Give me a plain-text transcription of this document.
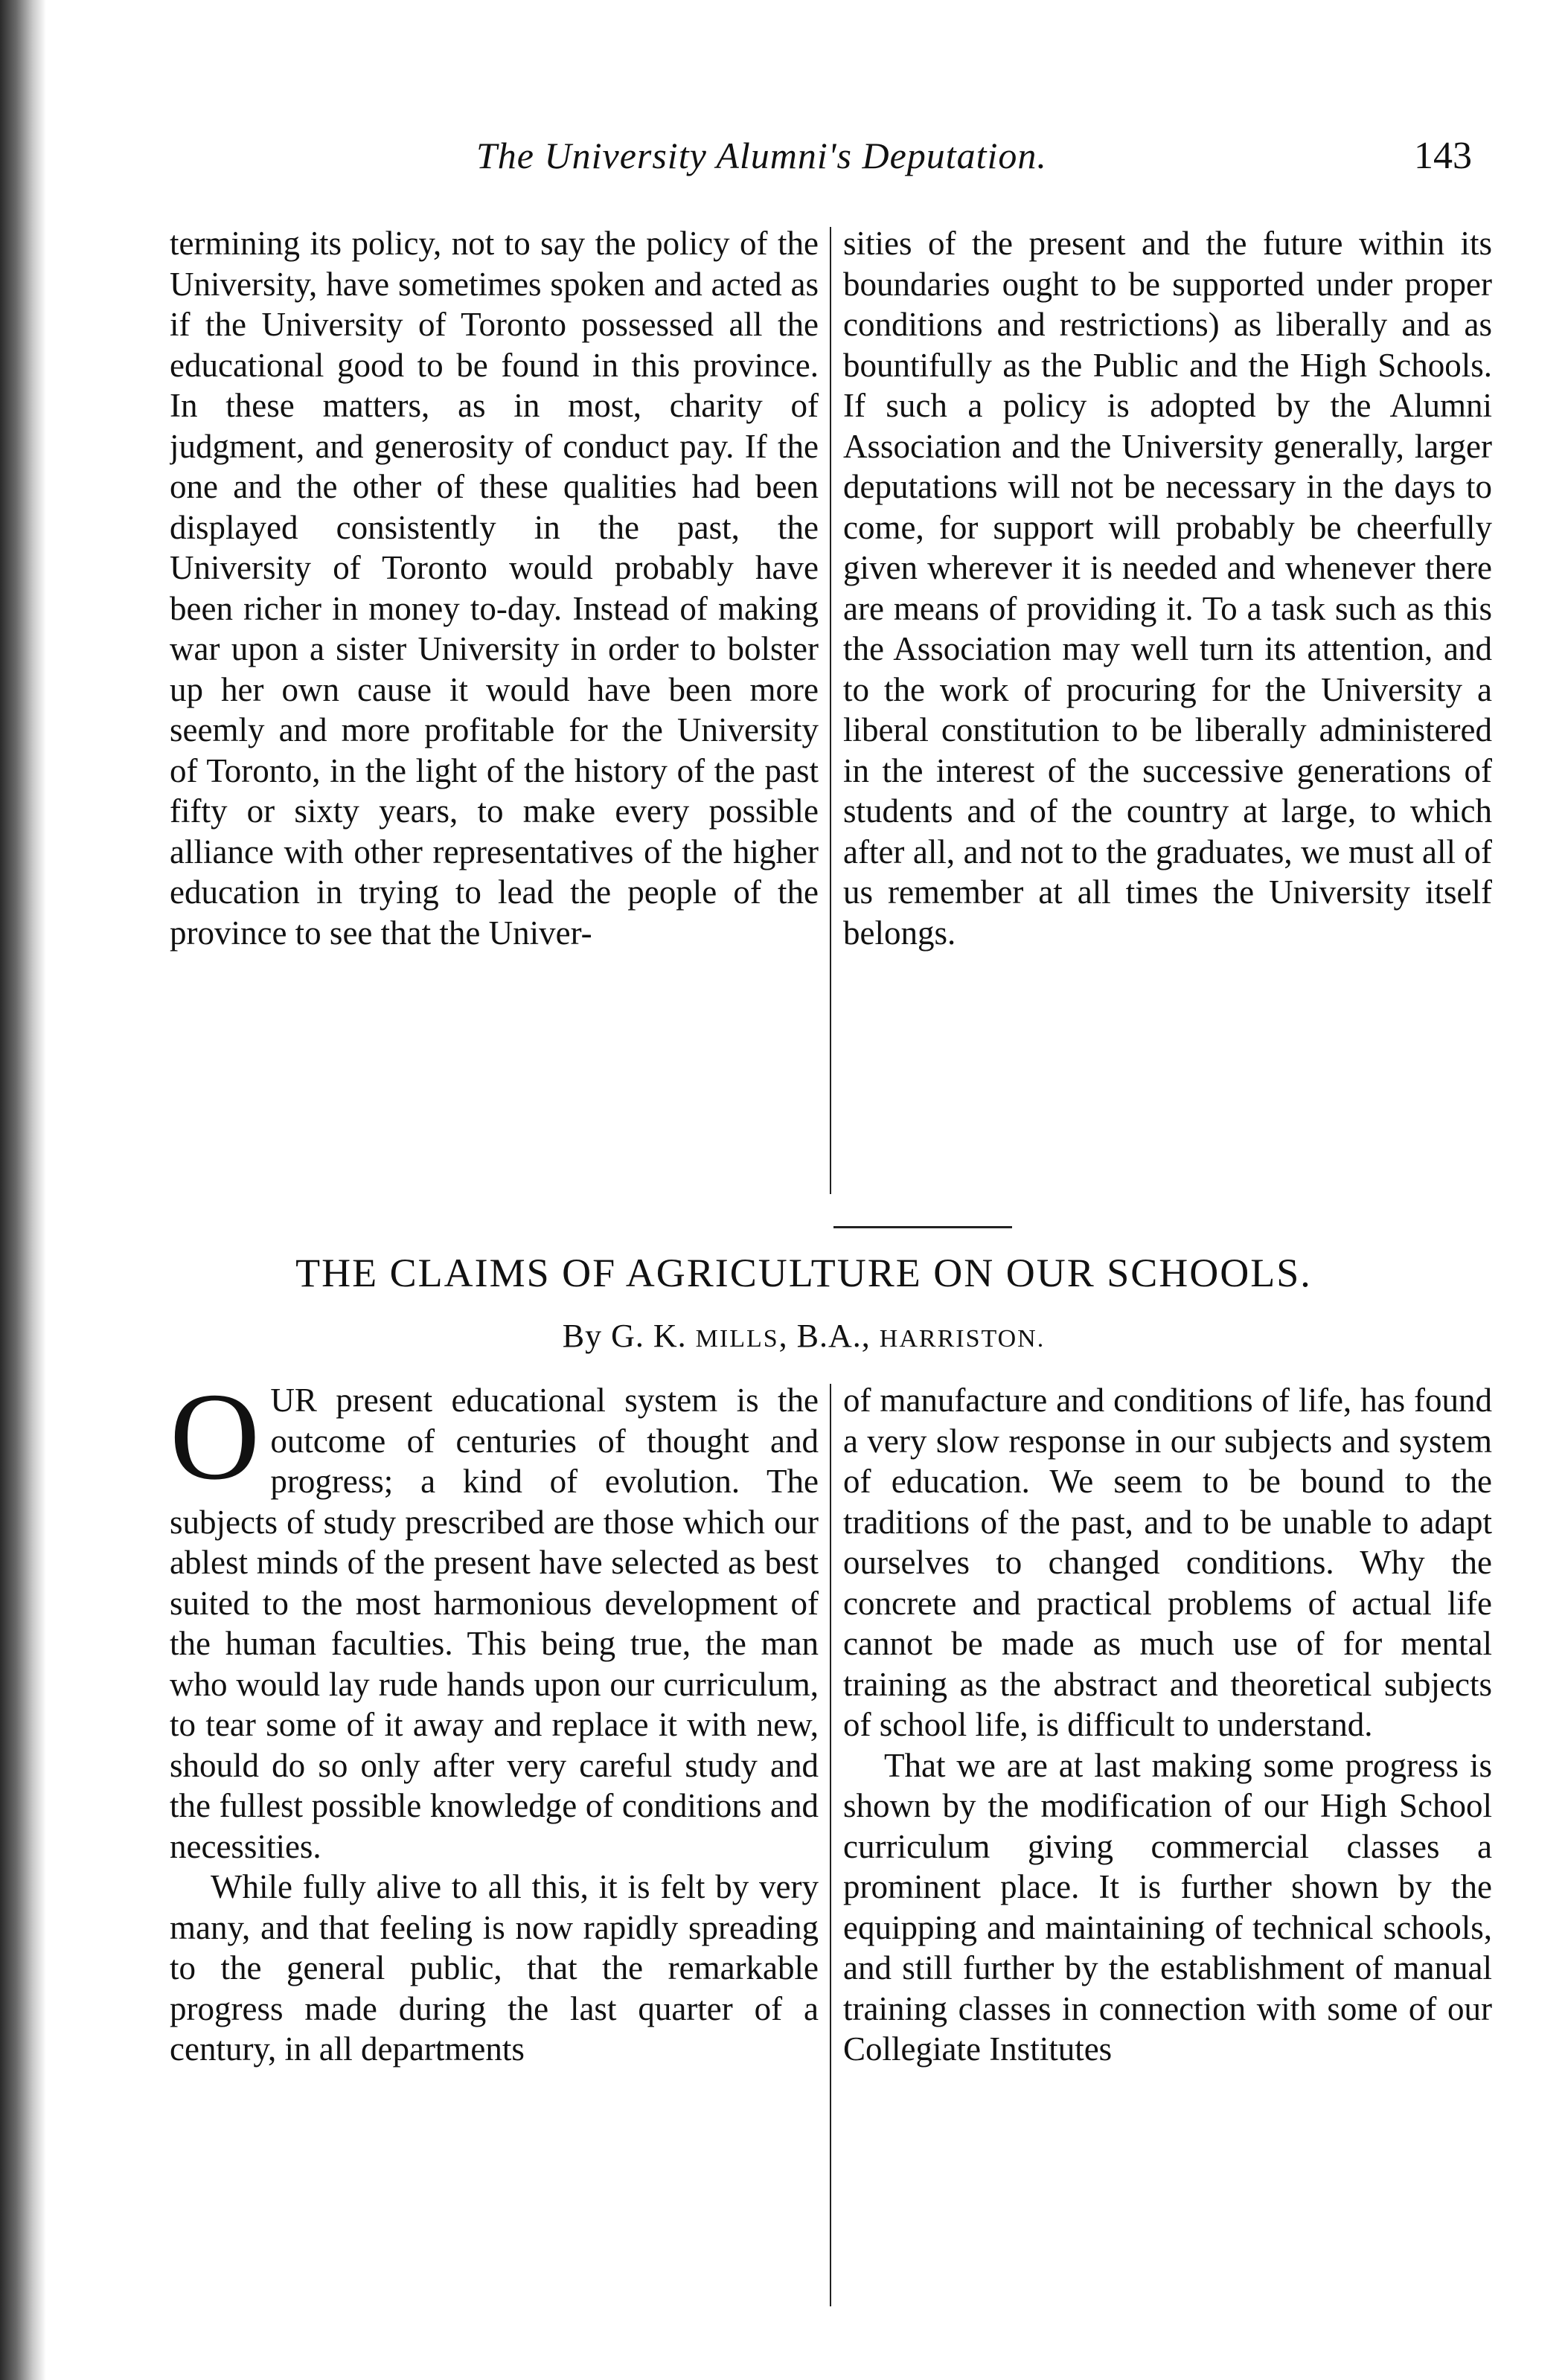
The University Alumni's Deputation.	143

termining its policy, not to say the policy of the University, have sometimes spoken and acted as if the University of Toronto possessed all the educational good to be found in this province. In these matters, as in most, charity of judgment, and generosity of conduct pay. If the one and the other of these qualities had been displayed consistently in the past, the University of Toronto would probably have been richer in money to-day. Instead of making war upon a sister University in order to bolster up her own cause it would have been more seemly and more profitable for the University of Toronto, in the light of the history of the past fifty or sixty years, to make every possible alliance with other representatives of the higher education in trying to lead the people of the province to see that the Univer-

sities of the present and the future within its boundaries ought to be supported under proper conditions and restrictions) as liberally and as bountifully as the Public and the High Schools. If such a policy is adopted by the Alumni Association and the University generally, larger deputations will not be necessary in the days to come, for support will probably be cheerfully given wherever it is needed and whenever there are means of providing it. To a task such as this the Association may well turn its attention, and to the work of procuring for the University a liberal constitution to be liberally administered in the interest of the successive generations of students and of the country at large, to which after all, and not to the graduates, we must all of us remember at all times the University itself belongs.

THE CLAIMS OF AGRICULTURE ON OUR SCHOOLS.
By G. K. MILLS, B.A., HARRISTON.
O UR present educational system is the outcome of centuries of thought and progress; a kind of evolution. The subjects of study prescribed are those which our ablest minds of the present have selected as best suited to the most harmonious development of the human faculties. This being true, the man who would lay rude hands upon our curriculum, to tear some of it away and replace it with new, should do so only after very careful study and the fullest possible knowledge of conditions and necessities.

While fully alive to all this, it is felt by very many, and that feeling is now rapidly spreading to the general public, that the remarkable progress made during the last quarter of a century, in all departments

of manufacture and conditions of life, has found a very slow response in our subjects and system of education. We seem to be bound to the traditions of the past, and to be unable to adapt ourselves to changed conditions. Why the concrete and practical problems of actual life cannot be made as much use of for mental training as the abstract and theoretical subjects of school life, is difficult to understand.

That we are at last making some progress is shown by the modification of our High School curriculum giving commercial classes a prominent place. It is further shown by the equipping and maintaining of technical schools, and still further by the establishment of manual training classes in connection with some of our Collegiate Institutes
